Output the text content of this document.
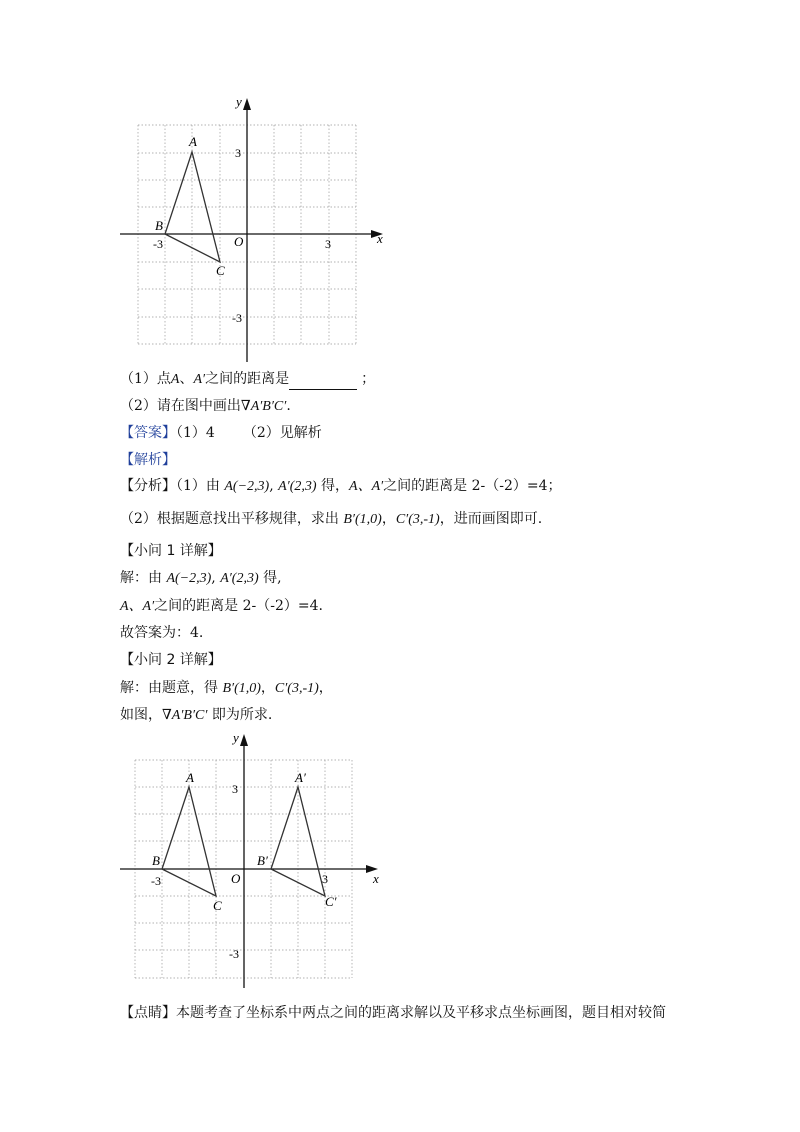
y
x
O
3
-3
-3	3
A
B
C
（1）点A、A′之间的距离是	；
（2）请在图中画出∇A′B′C′.
【答案】（1）4 （2）见解析
【解析】
【分析】（1）由 A(−2,3), A′(2,3) 得，A、A′之间的距离是 2-（-2）=4；
（2）根据题意找出平移规律，求出 B′(1,0)，C′(3,-1)，进而画图即可.
【小问 1 详解】
解：由 A(−2,3), A′(2,3) 得,
A、A′之间的距离是 2-（-2）=4.
故答案为：4.
【小问 2 详解】
解：由题意，得 B′(1,0)，C′(3,-1)，
如图，∇A′B′C′ 即为所求.
y
x
O
3
-3
-3	3
A
B
C
A′
B′
C′
【点睛】本题考查了坐标系中两点之间的距离求解以及平移求点坐标画图，题目相对较简
